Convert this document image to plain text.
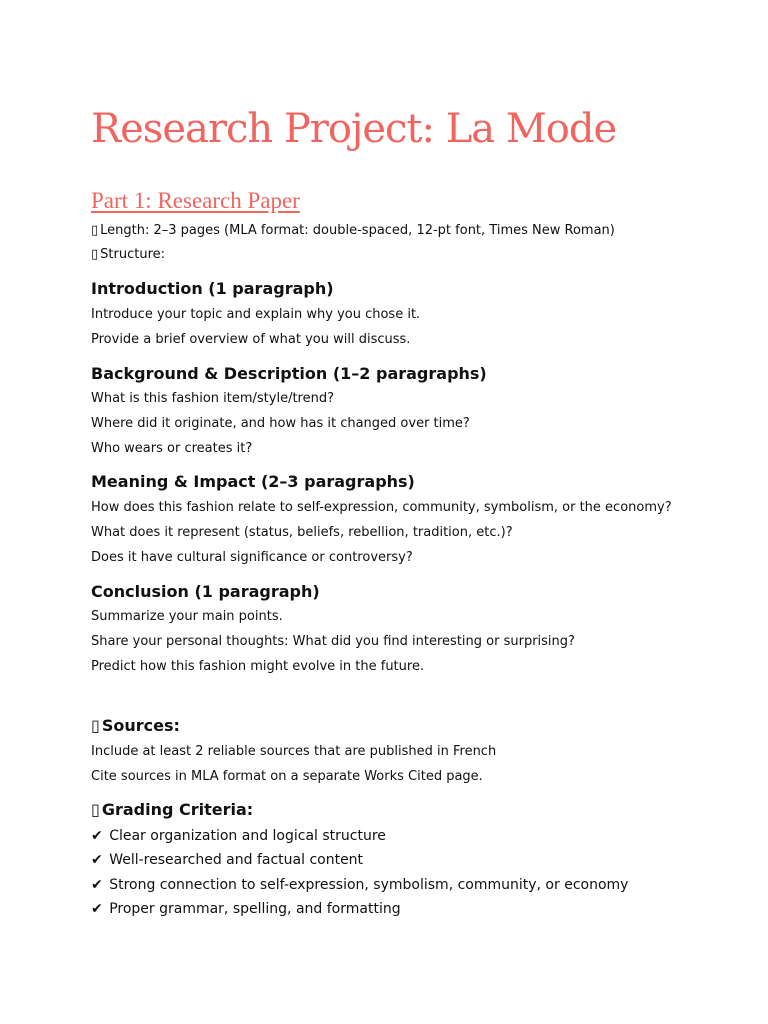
Research Project: La Mode
Part 1: Research Paper

▯ Length: 2–3 pages (MLA format: double-spaced, 12-pt font, Times New Roman)

▯ Structure:

Introduction (1 paragraph)

Introduce your topic and explain why you chose it.

Provide a brief overview of what you will discuss.

Background & Description (1–2 paragraphs)

What is this fashion item/style/trend?

Where did it originate, and how has it changed over time?

Who wears or creates it?

Meaning & Impact (2–3 paragraphs)

How does this fashion relate to self-expression, community, symbolism, or the economy?

What does it represent (status, beliefs, rebellion, tradition, etc.)?

Does it have cultural significance or controversy?

Conclusion (1 paragraph)

Summarize your main points.

Share your personal thoughts: What did you find interesting or surprising?

Predict how this fashion might evolve in the future.

▯ Sources:

Include at least 2 reliable sources that are published in French

Cite sources in MLA format on a separate Works Cited page.

▯ Grading Criteria:

✔ Clear organization and logical structure

✔ Well-researched and factual content

✔ Strong connection to self-expression, symbolism, community, or economy

✔ Proper grammar, spelling, and formatting
